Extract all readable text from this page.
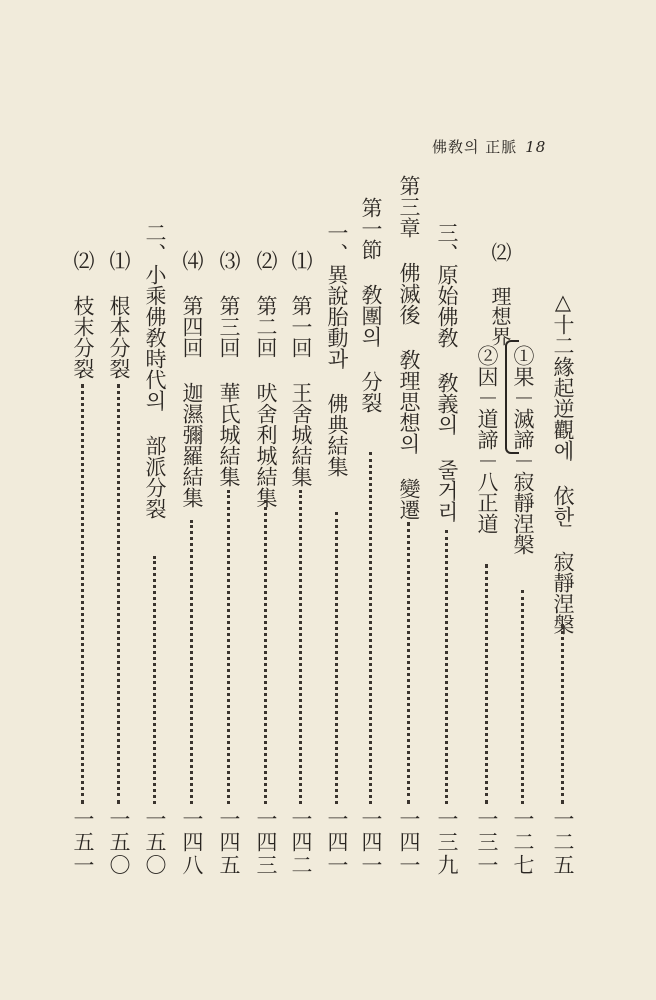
佛敎의 正脈 18
△十二緣起逆觀에 依한 寂靜涅槃
一二五
①果－滅諦－寂靜涅槃
一二七
②因－道諦－八正道
一三一
⑵ 理想界
三、原始佛敎 敎義의 줄거리
一三九
第三章 佛滅後 敎理思想의 變遷
一四一
第一節 敎團의 分裂
一四一
一、異說胎動과 佛典結集
一四一
⑴ 第一回 王舍城結集
一四二
⑵ 第二回 吠舍利城結集
一四三
⑶ 第三回 華氏城結集
一四五
⑷ 第四回 迦濕彌羅結集
一四八
二、小乘佛敎時代의 部派分裂
一五〇
⑴ 根本分裂
一五〇
⑵ 枝末分裂
一五一
